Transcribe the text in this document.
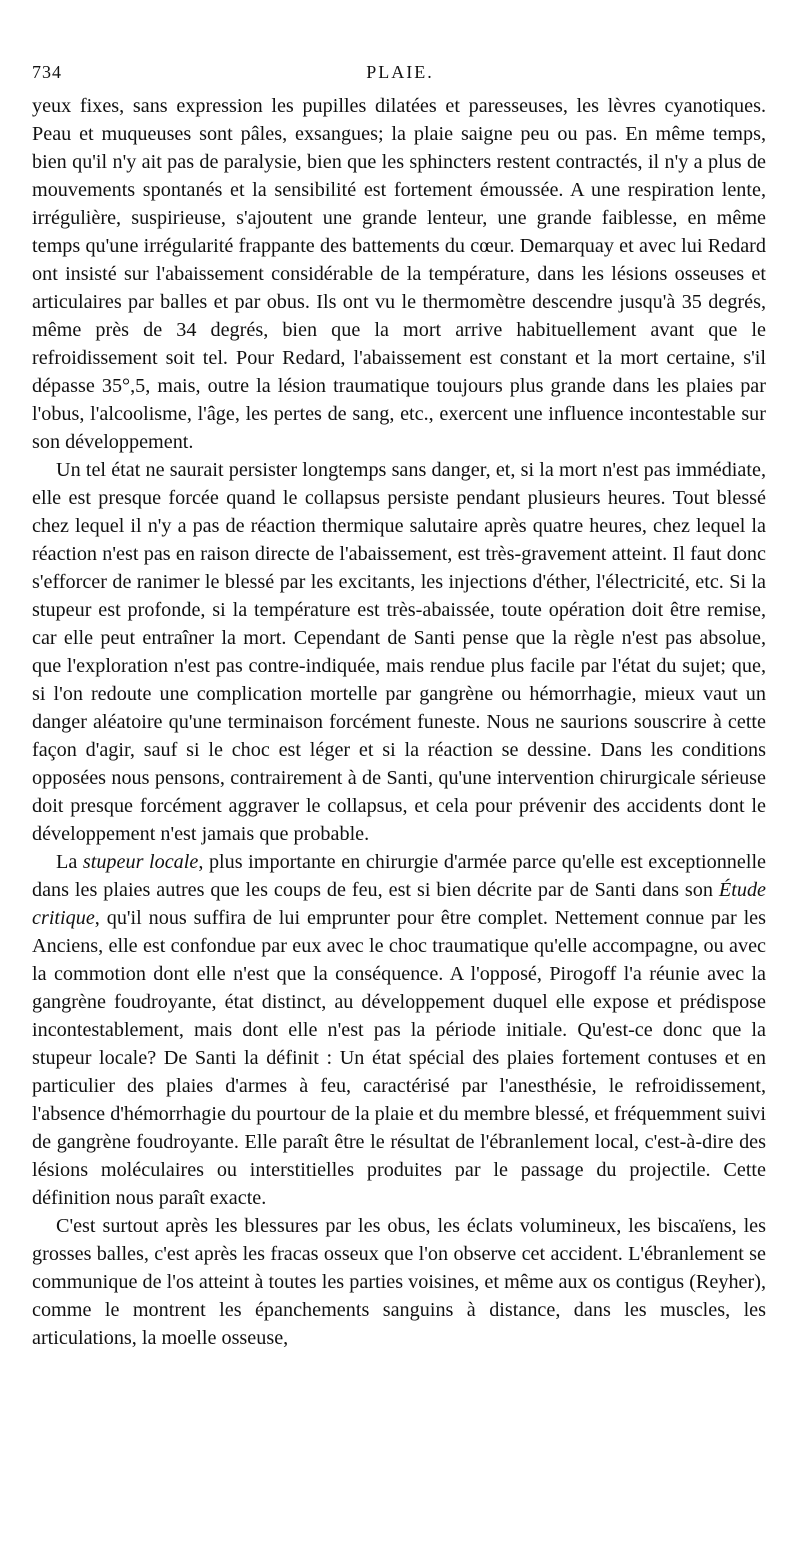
734	PLAIE.

yeux fixes, sans expression les pupilles dilatées et paresseuses, les lèvres cyanotiques. Peau et muqueuses sont pâles, exsangues; la plaie saigne peu ou pas. En même temps, bien qu'il n'y ait pas de paralysie, bien que les sphincters restent contractés, il n'y a plus de mouvements spontanés et la sensibilité est fortement émoussée. A une respiration lente, irrégulière, suspirieuse, s'ajoutent une grande lenteur, une grande faiblesse, en même temps qu'une irrégularité frappante des battements du cœur. Demarquay et avec lui Redard ont insisté sur l'abaissement considérable de la température, dans les lésions osseuses et articulaires par balles et par obus. Ils ont vu le thermomètre descendre jusqu'à 35 degrés, même près de 34 degrés, bien que la mort arrive habituellement avant que le refroidissement soit tel. Pour Redard, l'abaissement est constant et la mort certaine, s'il dépasse 35°,5, mais, outre la lésion traumatique toujours plus grande dans les plaies par l'obus, l'alcoolisme, l'âge, les pertes de sang, etc., exercent une influence incontestable sur son développement.

Un tel état ne saurait persister longtemps sans danger, et, si la mort n'est pas immédiate, elle est presque forcée quand le collapsus persiste pendant plusieurs heures. Tout blessé chez lequel il n'y a pas de réaction thermique salutaire après quatre heures, chez lequel la réaction n'est pas en raison directe de l'abaissement, est très-gravement atteint. Il faut donc s'efforcer de ranimer le blessé par les excitants, les injections d'éther, l'électricité, etc. Si la stupeur est profonde, si la température est très-abaissée, toute opération doit être remise, car elle peut entraîner la mort. Cependant de Santi pense que la règle n'est pas absolue, que l'exploration n'est pas contre-indiquée, mais rendue plus facile par l'état du sujet; que, si l'on redoute une complication mortelle par gangrène ou hémorrhagie, mieux vaut un danger aléatoire qu'une terminaison forcément funeste. Nous ne saurions souscrire à cette façon d'agir, sauf si le choc est léger et si la réaction se dessine. Dans les conditions opposées nous pensons, contrairement à de Santi, qu'une intervention chirurgicale sérieuse doit presque forcément aggraver le collapsus, et cela pour prévenir des accidents dont le développement n'est jamais que probable.

La stupeur locale, plus importante en chirurgie d'armée parce qu'elle est exceptionnelle dans les plaies autres que les coups de feu, est si bien décrite par de Santi dans son Étude critique, qu'il nous suffira de lui emprunter pour être complet. Nettement connue par les Anciens, elle est confondue par eux avec le choc traumatique qu'elle accompagne, ou avec la commotion dont elle n'est que la conséquence. A l'opposé, Pirogoff l'a réunie avec la gangrène foudroyante, état distinct, au développement duquel elle expose et prédispose incontestablement, mais dont elle n'est pas la période initiale. Qu'est-ce donc que la stupeur locale? De Santi la définit : Un état spécial des plaies fortement contuses et en particulier des plaies d'armes à feu, caractérisé par l'anesthésie, le refroidissement, l'absence d'hémorrhagie du pourtour de la plaie et du membre blessé, et fréquemment suivi de gangrène foudroyante. Elle paraît être le résultat de l'ébranlement local, c'est-à-dire des lésions moléculaires ou interstitielles produites par le passage du projectile. Cette définition nous paraît exacte.

C'est surtout après les blessures par les obus, les éclats volumineux, les biscaïens, les grosses balles, c'est après les fracas osseux que l'on observe cet accident. L'ébranlement se communique de l'os atteint à toutes les parties voisines, et même aux os contigus (Reyher), comme le montrent les épanchements sanguins à distance, dans les muscles, les articulations, la moelle osseuse,
